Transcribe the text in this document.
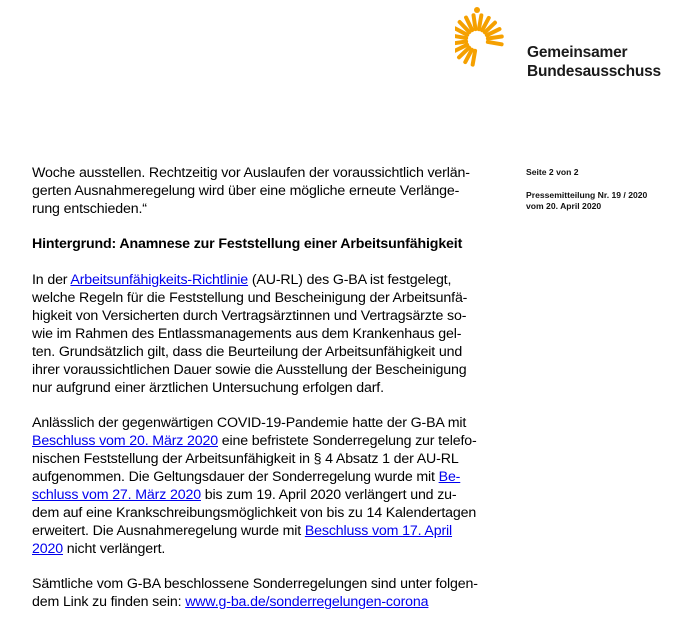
Gemeinsamer
Bundesausschuss
Seite 2 von 2
Pressemitteilung Nr. 19 / 2020
vom 20. April 2020

Woche ausstellen. Rechtzeitig vor Auslaufen der voraussichtlich verlän-
gerten Ausnahmeregelung wird über eine mögliche erneute Verlänge-
rung entschieden.“

Hintergrund: Anamnese zur Feststellung einer Arbeitsunfähigkeit

In der Arbeitsunfähigkeits-Richtlinie (AU-RL) des G-BA ist festgelegt,
welche Regeln für die Feststellung und Bescheinigung der Arbeitsunfä-
higkeit von Versicherten durch Vertragsärztinnen und Vertragsärzte so-
wie im Rahmen des Entlassmanagements aus dem Krankenhaus gel-
ten. Grundsätzlich gilt, dass die Beurteilung der Arbeitsunfähigkeit und
ihrer voraussichtlichen Dauer sowie die Ausstellung der Bescheinigung
nur aufgrund einer ärztlichen Untersuchung erfolgen darf.

Anlässlich der gegenwärtigen COVID-19-Pandemie hatte der G-BA mit
Beschluss vom 20. März 2020 eine befristete Sonderregelung zur telefo-
nischen Feststellung der Arbeitsunfähigkeit in § 4 Absatz 1 der AU-RL
aufgenommen. Die Geltungsdauer der Sonderregelung wurde mit Be-
schluss vom 27. März 2020 bis zum 19. April 2020 verlängert und zu-
dem auf eine Krankschreibungsmöglichkeit von bis zu 14 Kalendertagen
erweitert. Die Ausnahmeregelung wurde mit Beschluss vom 17. April
2020 nicht verlängert.

Sämtliche vom G-BA beschlossene Sonderregelungen sind unter folgen-
dem Link zu finden sein: www.g-ba.de/sonderregelungen-corona
